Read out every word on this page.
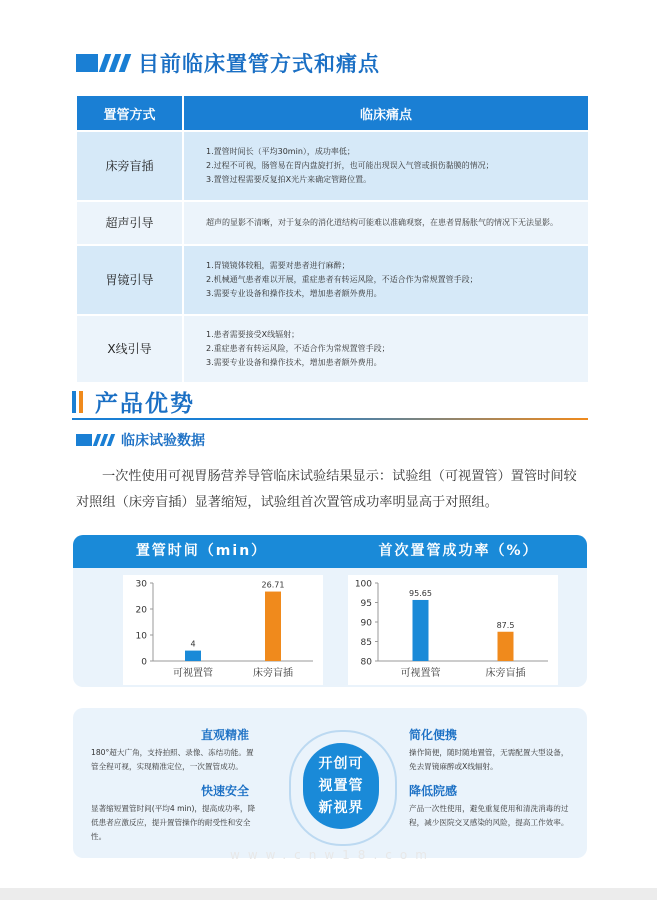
目前临床置管方式和痛点
置管方式	临床痛点
床旁盲插	1.置管时间长（平均30min），成功率低；
2.过程不可视，肠管易在胃内盘旋打折，也可能出现误入气管或损伤黏膜的情况；
3.置管过程需要反复拍X光片来确定管路位置。

超声引导	超声的显影不清晰，对于复杂的消化道结构可能难以准确观察，在患者胃肠胀气的情况下无法显影。

胃镜引导	1.胃镜镜体较粗，需要对患者进行麻醉；
2.机械通气患者难以开展，重症患者有转运风险，不适合作为常规置管手段；
3.需要专业设备和操作技术，增加患者额外费用。

X线引导	1.患者需要接受X线辐射；
2.重症患者有转运风险，不适合作为常规置管手段；
3.需要专业设备和操作技术，增加患者额外费用。
产品优势
临床试验数据
一次性使用可视胃肠营养导管临床试验结果显示：试验组（可视置管）置管时间较对照组（床旁盲插）显著缩短，试验组首次置管成功率明显高于对照组。
置管时间（min）	首次置管成功率（%）
0
10
20
30
4
可视置管
26.71
床旁盲插
80
85
90
95
100
95.65
可视置管
87.5
床旁盲插
直观精准
180°超大广角，支持拍照、录像、冻结功能。置管全程可视，实现精准定位，一次置管成功。
快速安全
显著缩短置管时间(平均4 min)，提高成功率，降低患者应激反应，提升置管操作的耐受性和安全性。
开创可
视置管
新视界
简化便携
操作简便，随时随地置管，无需配置大型设备，免去胃镜麻醉或X线辐射。
降低院感
产品一次性使用，避免重复使用和清洗消毒的过程，减少医院交叉感染的风险，提高工作效率。
www.cnw18.com
